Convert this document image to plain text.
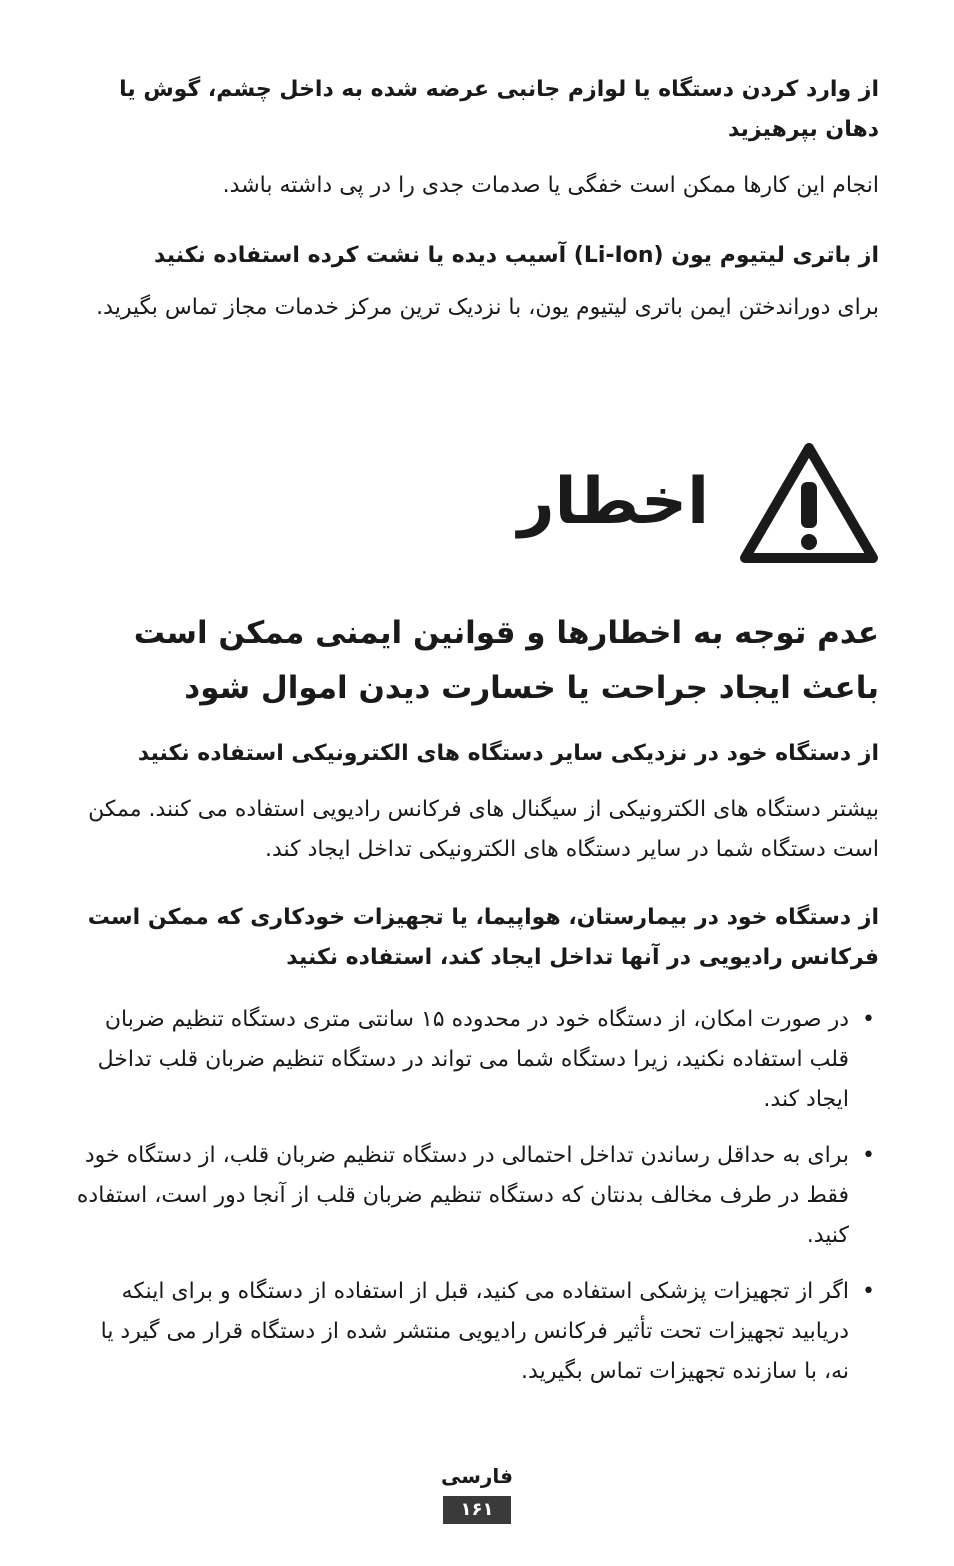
از وارد کردن دستگاه یا لوازم جانبی عرضه شده به داخل چشم، گوش یا دهان بپرهیزید

انجام این کارها ممکن است خفگی یا صدمات جدی را در پی داشته باشد.

از باتری لیتیوم یون (Li-Ion) آسیب دیده یا نشت کرده استفاده نکنید

برای دوراندختن ایمن باتری لیتیوم یون، با نزدیک ترین مرکز خدمات مجاز تماس بگیرید.

اخطار

عدم توجه به اخطارها و قوانین ایمنی ممکن است باعث ایجاد جراحت یا خسارت دیدن اموال شود

از دستگاه خود در نزدیکی سایر دستگاه های الکترونیکی استفاده نکنید

بیشتر دستگاه های الکترونیکی از سیگنال های فرکانس رادیویی استفاده می کنند. ممکن است دستگاه شما در سایر دستگاه های الکترونیکی تداخل ایجاد کند.

از دستگاه خود در بیمارستان، هواپیما، یا تجهیزات خودکاری که ممکن است فرکانس رادیویی در آنها تداخل ایجاد کند، استفاده نکنید

•
در صورت امکان، از دستگاه خود در محدوده ۱۵ سانتی متری دستگاه تنظیم ضربان قلب استفاده نکنید، زیرا دستگاه شما می تواند در دستگاه تنظیم ضربان قلب تداخل ایجاد کند.
•
برای به حداقل رساندن تداخل احتمالی در دستگاه تنظیم ضربان قلب، از دستگاه خود فقط در طرف مخالف بدنتان که دستگاه تنظیم ضربان قلب از آنجا دور است، استفاده کنید.
•
اگر از تجهیزات پزشکی استفاده می کنید، قبل از استفاده از دستگاه و برای اینکه دریابید تجهیزات تحت تأثیر فرکانس رادیویی منتشر شده از دستگاه قرار می گیرد یا نه، با سازنده تجهیزات تماس بگیرید.
فارسی
۱۶۱
